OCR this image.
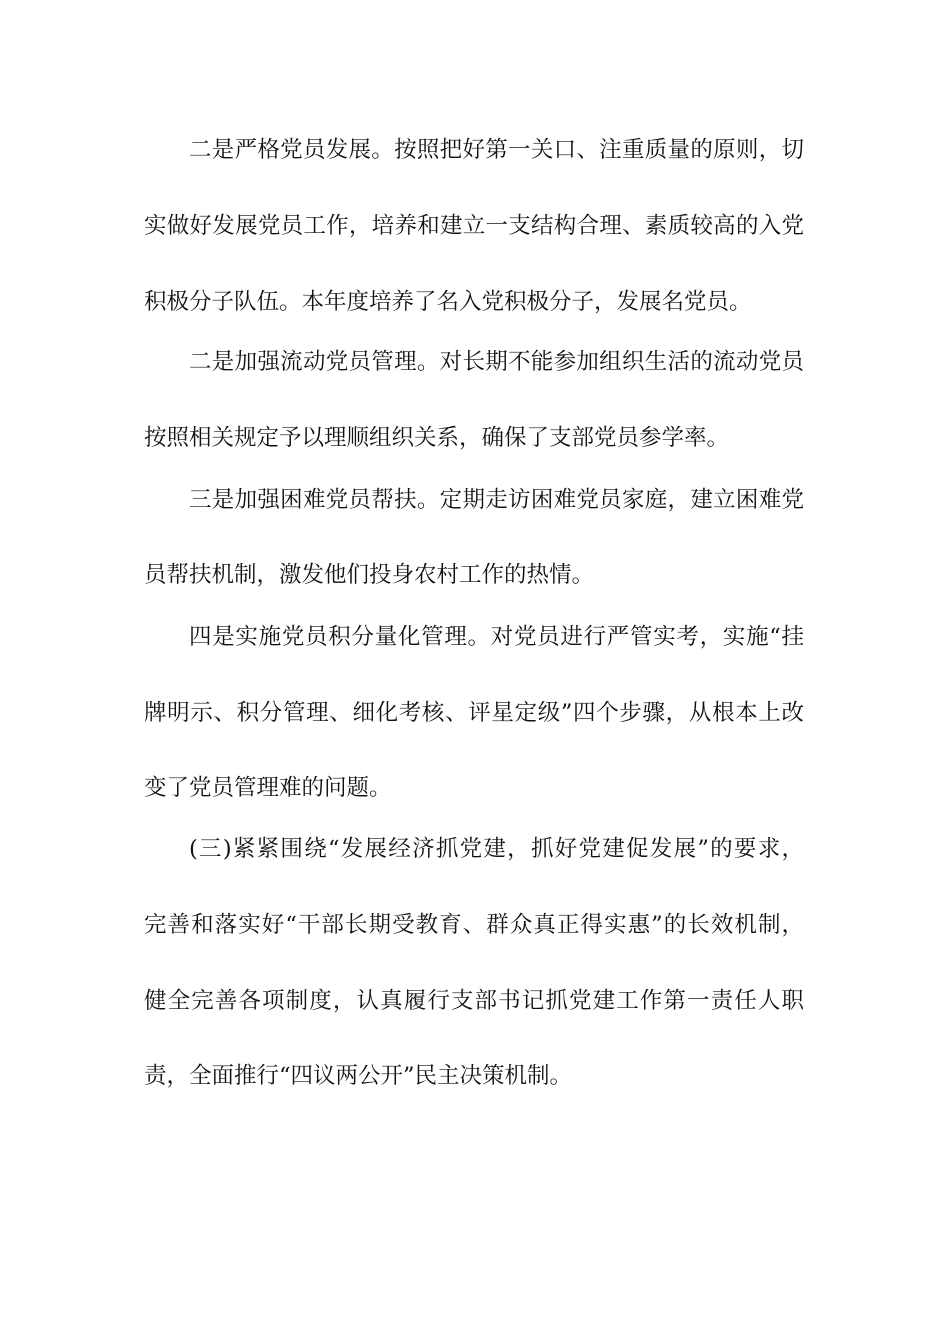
二是严格党员发展。按照把好第一关口、注重质量的原则，切
实做好发展党员工作，培养和建立一支结构合理、素质较高的入党
积极分子队伍。本年度培养了名入党积极分子，发展名党员。
二是加强流动党员管理。对长期不能参加组织生活的流动党员
按照相关规定予以理顺组织关系，确保了支部党员参学率。
三是加强困难党员帮扶。定期走访困难党员家庭，建立困难党
员帮扶机制，激发他们投身农村工作的热情。
四是实施党员积分量化管理。对党员进行严管实考，实施“挂
牌明示、积分管理、细化考核、评星定级”四个步骤，从根本上改
变了党员管理难的问题。
(三)紧紧围绕“发展经济抓党建，抓好党建促发展”的要求，
完善和落实好“干部长期受教育、群众真正得实惠”的长效机制，
健全完善各项制度，认真履行支部书记抓党建工作第一责任人职
责，全面推行“四议两公开”民主决策机制。
